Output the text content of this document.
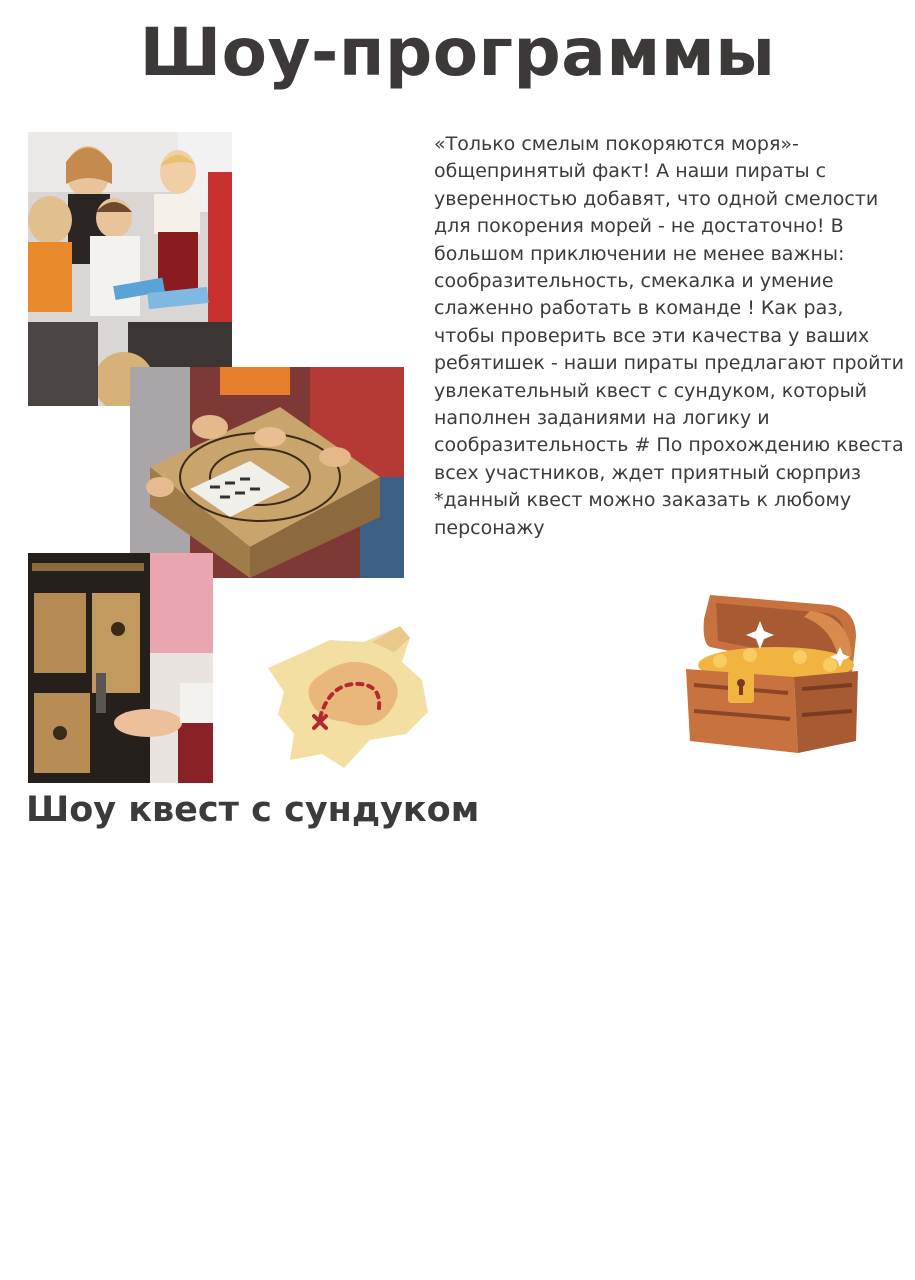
Шоу-программы

«Только смелым покоряются моря»- общепринятый факт! А наши пираты с уверенностью добавят, что одной смелости для покорения морей - не достаточно! В большом приключении не менее важны: сообразительность, смекалка и умение слаженно работать в команде ! Как раз, чтобы проверить все эти качества у ваших ребятишек - наши пираты предлагают пройти увлекательный квест с сундуком, который наполнен заданиями на логику и сообразительность # По прохождению квеста всех участников, ждет приятный сюрприз

*данный квест можно заказать к любому персонажу

Шоу квест с сундуком
